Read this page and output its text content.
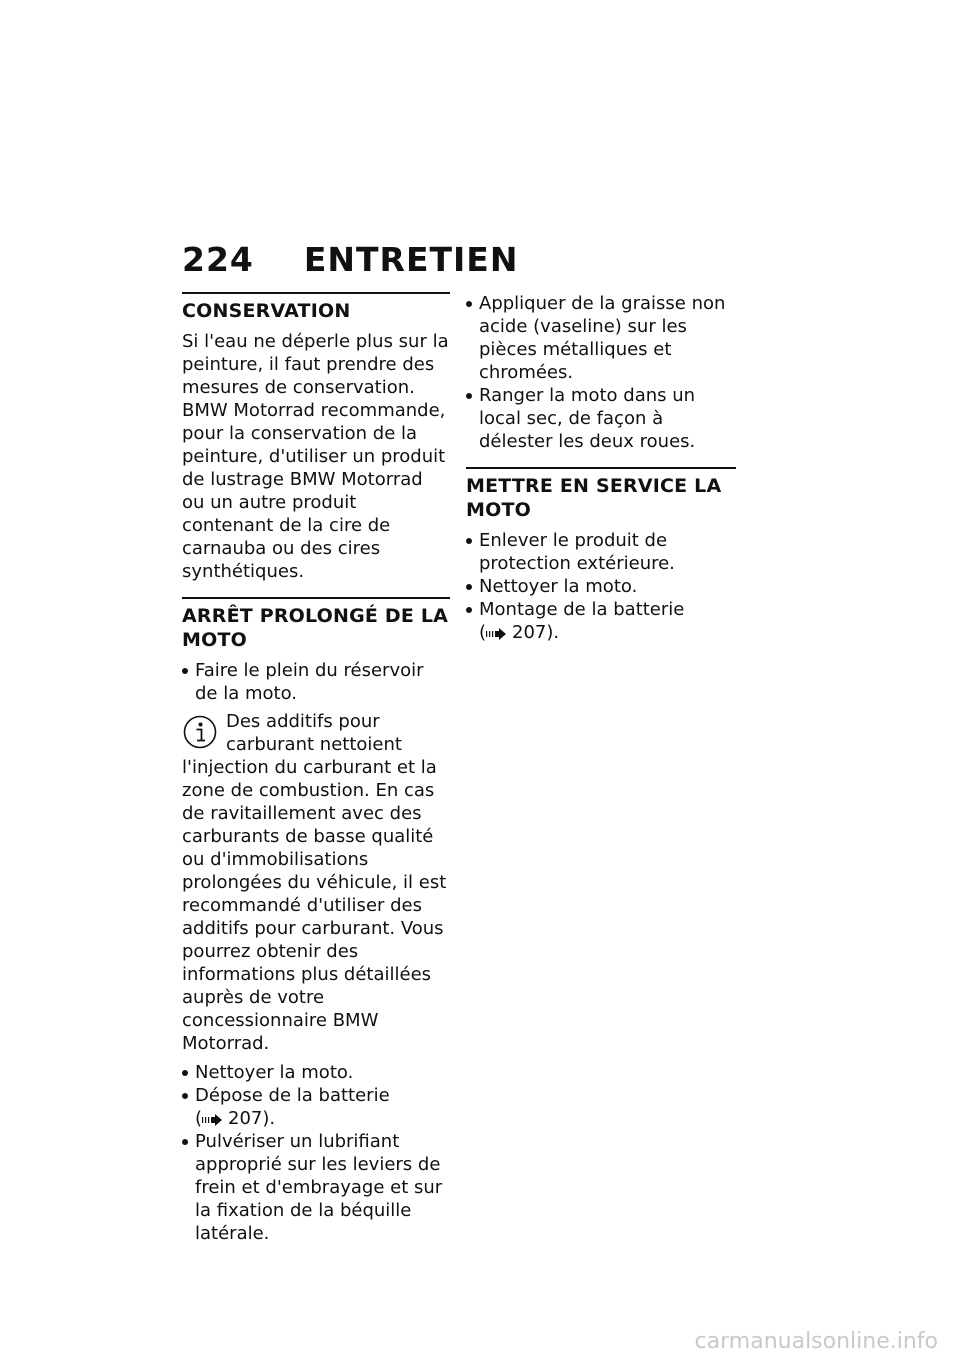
224 ENTRETIEN
CONSERVATION

Si l'eau ne déperle plus sur la peinture, il faut prendre des mesures de conservation.

BMW Motorrad recommande, pour la conservation de la peinture, d'utiliser un produit de lustrage BMW Motorrad ou un autre produit contenant de la cire de carnauba ou des cires synthétiques.

ARRÊT PROLONGÉ DE LA MOTO
Faire le plein du réservoir de la moto.
Des additifs pour carburant nettoient l'injection du carburant et la zone de combustion. En cas de ravitaillement avec des carburants de basse qualité ou d'immobilisations prolongées du véhicule, il est recommandé d'utiliser des additifs pour carburant. Vous pourrez obtenir des informations plus détaillées auprès de votre concessionnaire BMW Motorrad.
Nettoyer la moto.
Dépose de la batterie ( 207).
Pulvériser un lubrifiant approprié sur les leviers de frein et d'embrayage et sur la fixation de la béquille latérale.
Appliquer de la graisse non acide (vaseline) sur les pièces métalliques et chromées.
Ranger la moto dans un local sec, de façon à délester les deux roues.
METTRE EN SERVICE LA MOTO
Enlever le produit de protection extérieure.
Nettoyer la moto.
Montage de la batterie ( 207).
carmanualsonline.info
